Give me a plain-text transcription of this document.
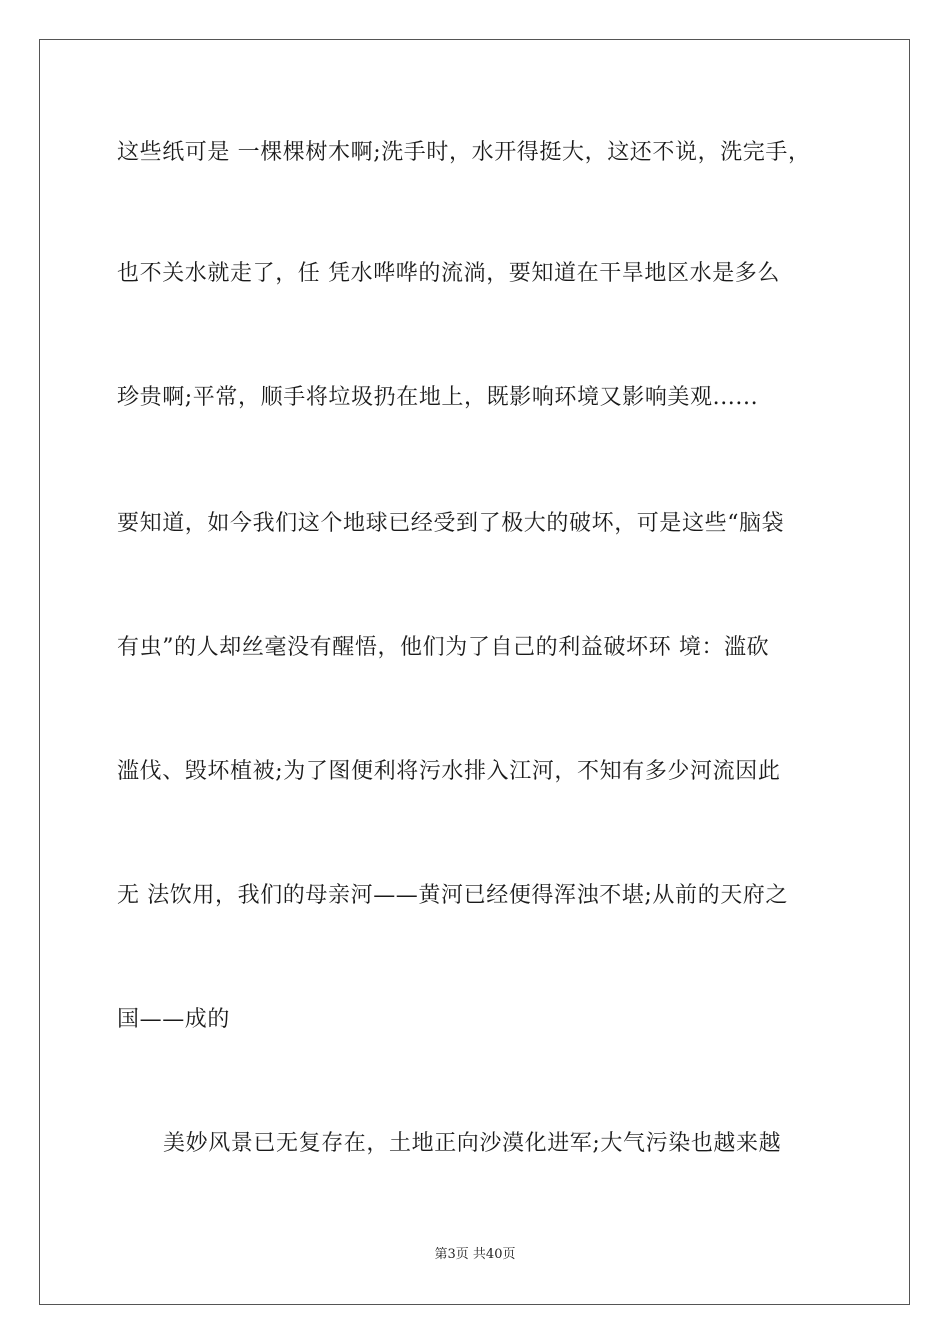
这些纸可是 一棵棵树木啊;洗手时，水开得挺大，这还不说，洗完手，
也不关水就走了，任 凭水哗哗的流淌，要知道在干旱地区水是多么
珍贵啊;平常，顺手将垃圾扔在地上，既影响环境又影响美观......
要知道，如今我们这个地球已经受到了极大的破坏，可是这些“脑袋
有虫”的人却丝毫没有醒悟，他们为了自己的利益破坏环 境：滥砍
滥伐、毁坏植被;为了图便利将污水排入江河，不知有多少河流因此
无 法饮用，我们的母亲河——黄河已经便得浑浊不堪;从前的天府之
国——成的
美妙风景已无复存在，土地正向沙漠化进军;大气污染也越来越
第3页 共40页
